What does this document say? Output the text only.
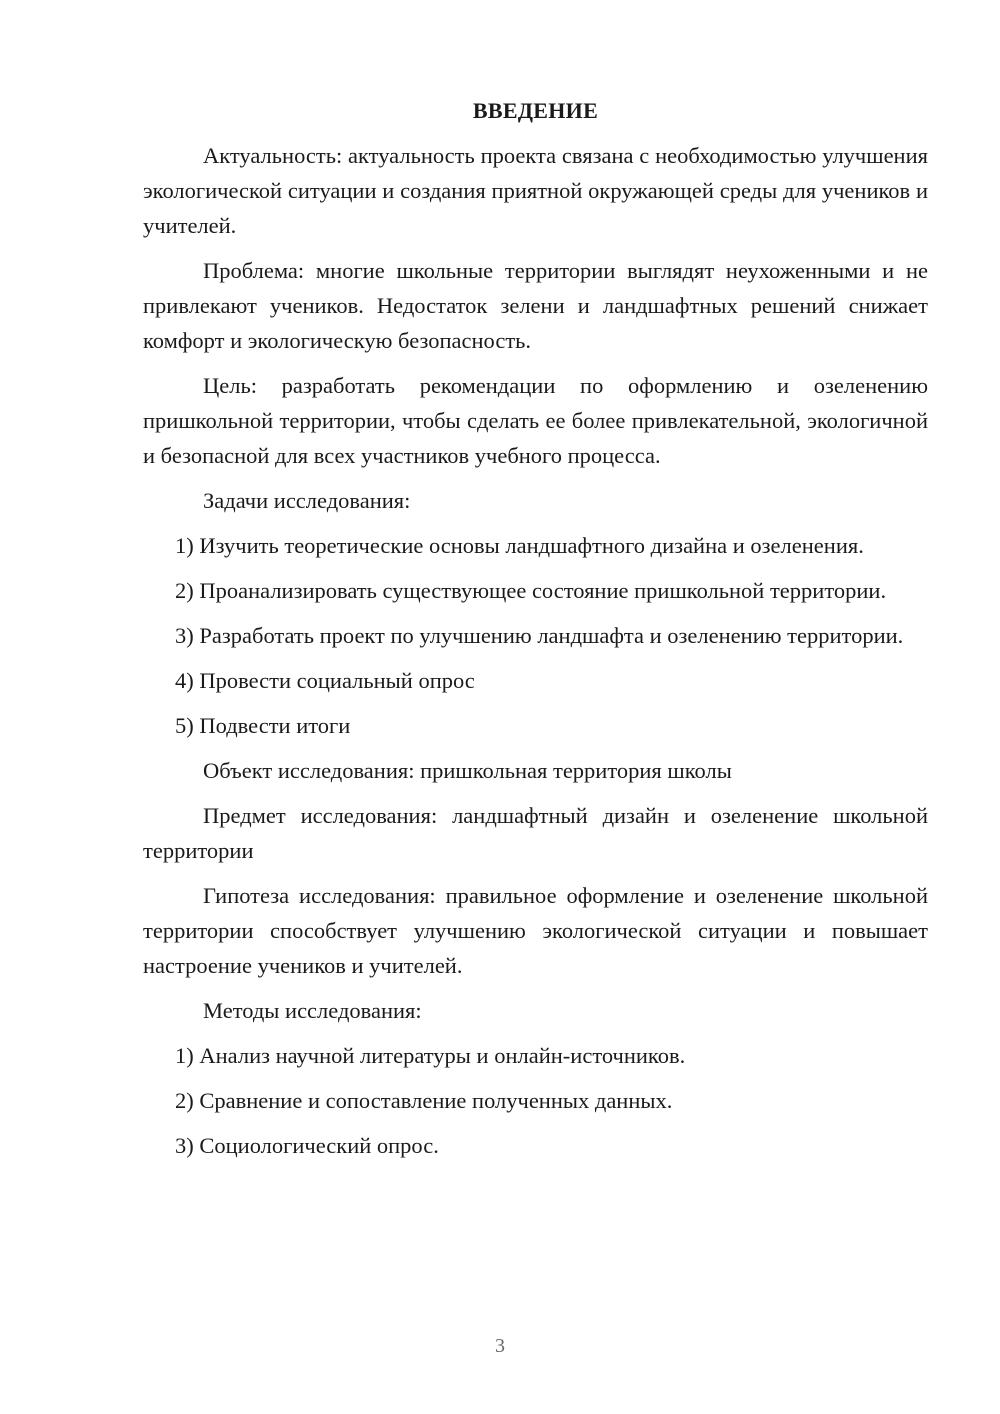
ВВЕДЕНИЕ

Актуальность: актуальность проекта связана с необходимостью улучшения экологической ситуации и создания приятной окружающей среды для учеников и учителей.

Проблема: многие школьные территории выглядят неухоженными и не привлекают учеников. Недостаток зелени и ландшафтных решений снижает комфорт и экологическую безопасность.

Цель: разработать рекомендации по оформлению и озеленению пришкольной территории, чтобы сделать ее более привлекательной, экологичной и безопасной для всех участников учебного процесса.

Задачи исследования:

1) Изучить теоретические основы ландшафтного дизайна и озеленения.

2) Проанализировать существующее состояние пришкольной территории.

3) Разработать проект по улучшению ландшафта и озеленению территории.

4) Провести социальный опрос

5) Подвести итоги

Объект исследования: пришкольная территория школы

Предмет исследования: ландшафтный дизайн и озеленение школьной территории

Гипотеза исследования: правильное оформление и озеленение школьной территории способствует улучшению экологической ситуации и повышает настроение учеников и учителей.

Методы исследования:

1) Анализ научной литературы и онлайн-источников.

2) Сравнение и сопоставление полученных данных.

3) Социологический опрос.

3
